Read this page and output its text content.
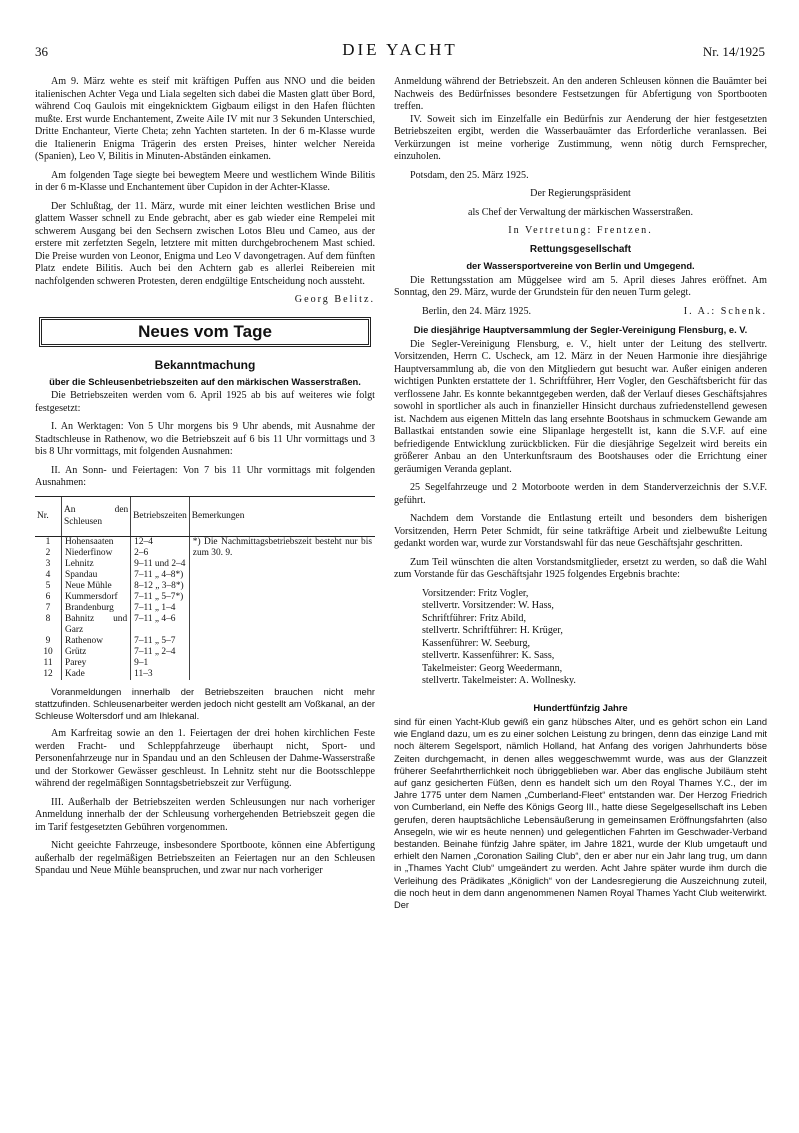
36	DIE YACHT	Nr. 14/1925

Am 9. März wehte es steif mit kräftigen Puffen aus NNO und die beiden italienischen Achter Vega und Liala segelten sich dabei die Masten glatt über Bord, während Coq Gaulois mit eingeknicktem Gigbaum eiligst in den Hafen flüchten mußte. Erst wurde Enchantement, Zweite Aile IV mit nur 3 Sekunden Unterschied, Dritte Enchanteur, Vierte Cheta; zehn Yachten starteten. In der 6 m-Klasse wurde die Italienerin Enigma Trägerin des ersten Preises, hinter welcher Nereida (Spanien), Leo V, Bilitis in Minuten-Abständen einkamen.

Am folgenden Tage siegte bei bewegtem Meere und westlichem Winde Bilitis in der 6 m-Klasse und Enchantement über Cupidon in der Achter-Klasse.

Der Schlußtag, der 11. März, wurde mit einer leichten westlichen Brise und glattem Wasser schnell zu Ende gebracht, aber es gab wieder eine Rempelei mit schwerem Ausgang bei den Sechsern zwischen Lotos Bleu und Cameo, aus der erstere mit zerfetzten Segeln, letztere mit mitten durchgebrochenem Mast schied. Die Preise wurden von Leonor, Enigma und Leo V davongetragen. Auf dem fünften Platz endete Bilitis. Auch bei den Achtern gab es allerlei Reibereien mit nachfolgenden schweren Protesten, deren endgültige Entscheidung noch aussteht.

Georg Belitz.
Neues vom Tage
Bekanntmachung
über die Schleusenbetriebszeiten auf den märkischen Wasserstraßen.

Die Betriebszeiten werden vom 6. April 1925 ab bis auf weiteres wie folgt festgesetzt:

I. An Werktagen: Von 5 Uhr morgens bis 9 Uhr abends, mit Ausnahme der Stadtschleuse in Rathenow, wo die Betriebszeit auf 6 bis 11 Uhr vormittags und 3 bis 8 Uhr vormittags, mit folgenden Ausnahmen:

II. An Sonn- und Feiertagen: Von 7 bis 11 Uhr vormittags mit folgenden Ausnahmen:

Nr.	An den Schleusen	Betriebszeiten	Bemerkungen
1	Hohensaaten	12–4	*) Die Nachmittagsbetriebszeit besteht nur bis zum 30. 9.
2	Niederfinow	2–6	
3	Lehnitz	9–11 und 2–4	
4	Spandau	7–11 „ 4–8*)	
5	Neue Mühle	8–12 „ 3–8*)	
6	Kummersdorf	7–11 „ 5–7*)	
7	Brandenburg	7–11 „ 1–4	
8	Bahnitz und Garz	7–11 „ 4–6	
9	Rathenow	7–11 „ 5–7	
10	Grütz	7–11 „ 2–4	
11	Parey	9–1	
12	Kade	11–3	

Voranmeldungen innerhalb der Betriebszeiten brauchen nicht mehr stattzufinden. Schleusenarbeiter werden jedoch nicht gestellt am Voßkanal, an der Schleuse Woltersdorf und am Ihlekanal.

Am Karfreitag sowie an den 1. Feiertagen der drei hohen kirchlichen Feste werden Fracht- und Schleppfahrzeuge überhaupt nicht, Sport- und Personenfahrzeuge nur in Spandau und an den Schleusen der Dahme-Wasserstraße und der Storkower Gewässer geschleust. In Lehnitz steht nur die Bootsschleppe während der regelmäßigen Sonntagsbetriebszeit zur Verfügung.

III. Außerhalb der Betriebszeiten werden Schleusungen nur nach vorheriger Anmeldung innerhalb der der Schleusung vorhergehenden Betriebszeit gegen die im Tarif festgesetzten Gebühren vorgenommen.

Nicht geeichte Fahrzeuge, insbesondere Sportboote, können eine Abfertigung außerhalb der regelmäßigen Betriebszeiten an Feiertagen nur an den Schleusen Spandau und Neue Mühle beanspruchen, und zwar nur nach vorheriger

Anmeldung während der Betriebszeit. An den anderen Schleusen können die Bauämter bei Nachweis des Bedürfnisses besondere Festsetzungen für Abfertigung von Sportbooten treffen.

IV. Soweit sich im Einzelfalle ein Bedürfnis zur Aenderung der hier festgesetzten Betriebszeiten ergibt, werden die Wasserbauämter das Erforderliche veranlassen. Bei Verkürzungen ist meine vorherige Zustimmung, wenn nötig durch Fernsprecher, einzuholen.

Potsdam, den 25. März 1925.

Der Regierungspräsident

als Chef der Verwaltung der märkischen Wasserstraßen.

In Vertretung: Frentzen.

Rettungsgesellschaft
der Wassersportvereine von Berlin und Umgegend.

Die Rettungsstation am Müggelsee wird am 5. April dieses Jahres eröffnet. Am Sonntag, den 29. März, wurde der Grundstein für den neuen Turm gelegt.

Berlin, den 24. März 1925.	I. A.: Schenk.
Die diesjährige Hauptversammlung der Segler-Vereinigung Flensburg, e. V.

Die Segler-Vereinigung Flensburg, e. V., hielt unter der Leitung des stellvertr. Vorsitzenden, Herrn C. Uscheck, am 12. März in der Neuen Harmonie ihre diesjährige Hauptversammlung ab, die von den Mitgliedern gut besucht war. Außer einigen anderen wichtigen Punkten erstattete der 1. Schriftführer, Herr Vogler, den Geschäftsbericht für das verflossene Jahr. Es konnte bekanntgegeben werden, daß der Verlauf dieses Geschäftsjahres sowohl in sportlicher als auch in finanzieller Hinsicht durchaus zufriedenstellend gewesen ist. Nachdem aus eigenen Mitteln das lang ersehnte Bootshaus in schmuckem Gewande am Ballastkai entstanden sowie eine Slipanlage hergestellt ist, kann die S.V.F. auf eine befriedigende Entwicklung zurückblicken. Für die diesjährige Segelzeit wird bereits ein größerer Anbau an den Unterkunftsraum des Bootshauses oder die Errichtung einer geräumigen Veranda geplant.

25 Segelfahrzeuge und 2 Motorboote werden in dem Standerverzeichnis der S.V.F. geführt.

Nachdem dem Vorstande die Entlastung erteilt und besonders dem bisherigen Vorsitzenden, Herrn Peter Schmidt, für seine tatkräftige Arbeit und zielbewußte Leitung gedankt worden war, wurde zur Vorstandswahl für das neue Geschäftsjahr geschritten.

Zum Teil wünschten die alten Vorstandsmitglieder, ersetzt zu werden, so daß die Wahl zum Vorstande für das Geschäftsjahr 1925 folgendes Ergebnis brachte:

Vorsitzender: Fritz Vogler,
stellvertr. Vorsitzender: W. Hass,
Schriftführer: Fritz Abild,
stellvertr. Schriftführer: H. Krüger,
Kassenführer: W. Seeburg,
stellvertr. Kassenführer: K. Sass,
Takelmeister: Georg Weedermann,
stellvertr. Takelmeister: A. Wollnesky.
Hundertfünfzig Jahre

sind für einen Yacht-Klub gewiß ein ganz hübsches Alter, und es gehört schon ein Land wie England dazu, um es zu einer solchen Leistung zu bringen, denn das einzige Land mit noch älterem Segelsport, nämlich Holland, hat Anfang des vorigen Jahrhunderts böse Zeiten durchgemacht, in denen alles weggeschwemmt wurde, was aus der Glanzzeit früherer Seefahrtherrlichkeit noch übriggeblieben war. Aber das englische Jubiläum steht auf ganz gesicherten Füßen, denn es handelt sich um den Royal Thames Y.C., der im Jahre 1775 unter dem Namen „Cumberland-Fleet“ entstanden war. Der Herzog Friedrich von Cumberland, ein Neffe des Königs Georg III., hatte diese Segelgesellschaft ins Leben gerufen, deren hauptsächliche Lebensäußerung in gemeinsamen Eröffnungsfahrten (also Ansegeln, wie wir es heute nennen) und gelegentlichen Fahrten im Geschwader-Verband bestanden. Beinahe fünfzig Jahre später, im Jahre 1821, wurde der Klub umgetauft und erhielt den Namen „Coronation Sailing Club“, den er aber nur ein Jahr lang trug, um dann in „Thames Yacht Club“ umgeändert zu werden. Acht Jahre später wurde ihm durch die Verleihung des Prädikates „Königlich“ von der Landesregierung die Auszeichnung zuteil, die noch heut in dem dann angenommenen Namen Royal Thames Yacht Club weiterwirkt. Der
